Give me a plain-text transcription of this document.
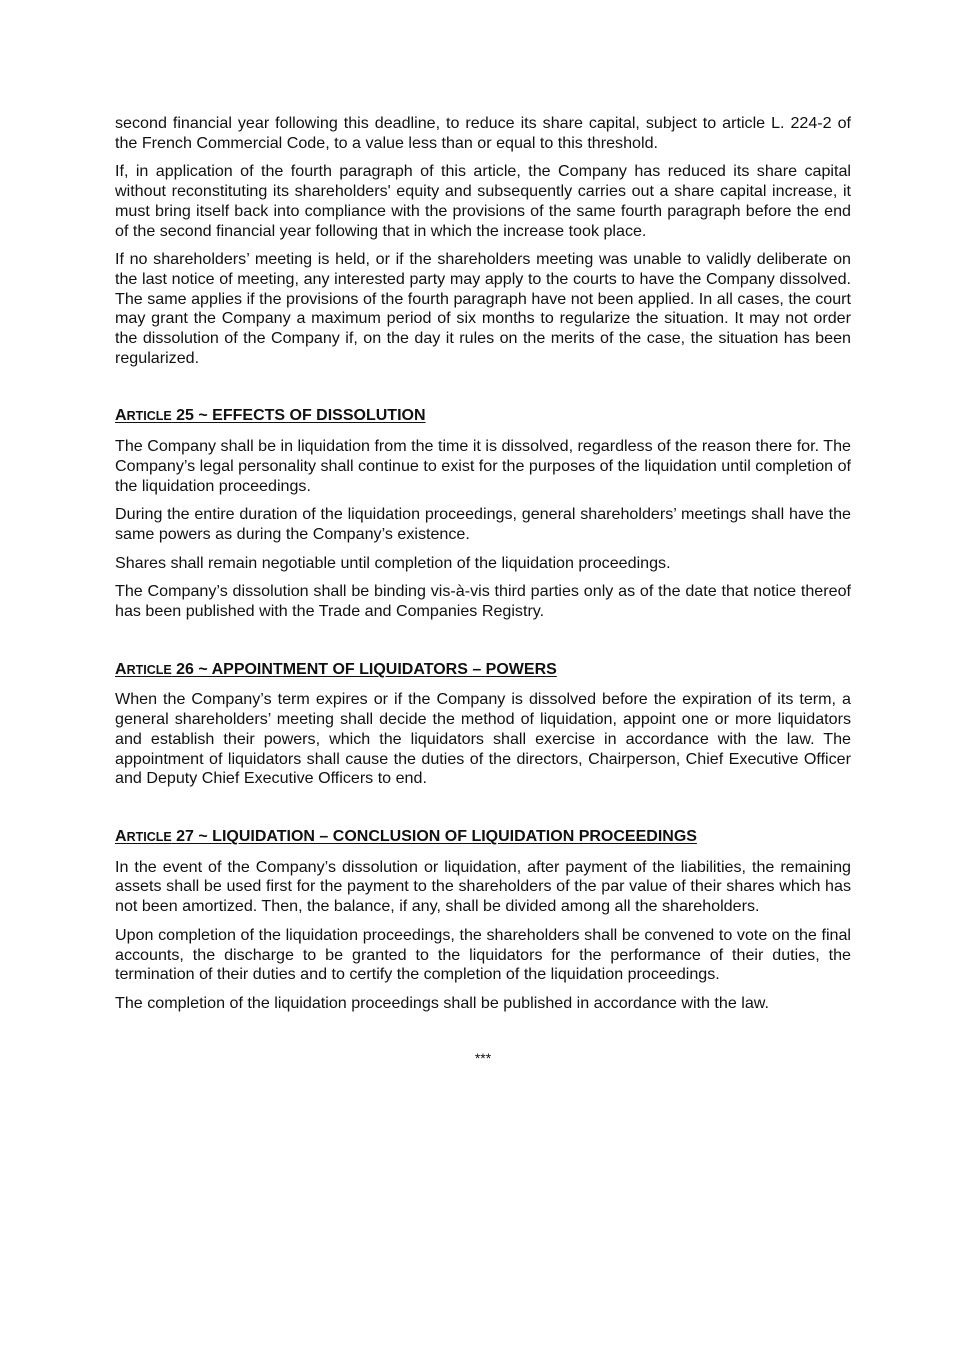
second financial year following this deadline, to reduce its share capital, subject to article L. 224-2 of the French Commercial Code, to a value less than or equal to this threshold.

If, in application of the fourth paragraph of this article, the Company has reduced its share capital without reconstituting its shareholders' equity and subsequently carries out a share capital increase, it must bring itself back into compliance with the provisions of the same fourth paragraph before the end of the second financial year following that in which the increase took place.

If no shareholders’ meeting is held, or if the shareholders meeting was unable to validly deliberate on the last notice of meeting, any interested party may apply to the courts to have the Company dissolved. The same applies if the provisions of the fourth paragraph have not been applied. In all cases, the court may grant the Company a maximum period of six months to regularize the situation. It may not order the dissolution of the Company if, on the day it rules on the merits of the case, the situation has been regularized.

ARTICLE 25 ~ EFFECTS OF DISSOLUTION

The Company shall be in liquidation from the time it is dissolved, regardless of the reason there for. The Company’s legal personality shall continue to exist for the purposes of the liquidation until completion of the liquidation proceedings.

During the entire duration of the liquidation proceedings, general shareholders’ meetings shall have the same powers as during the Company’s existence.

Shares shall remain negotiable until completion of the liquidation proceedings.

The Company’s dissolution shall be binding vis-à-vis third parties only as of the date that notice thereof has been published with the Trade and Companies Registry.

ARTICLE 26 ~ APPOINTMENT OF LIQUIDATORS – POWERS

When the Company’s term expires or if the Company is dissolved before the expiration of its term, a general shareholders’ meeting shall decide the method of liquidation, appoint one or more liquidators and establish their powers, which the liquidators shall exercise in accordance with the law. The appointment of liquidators shall cause the duties of the directors, Chairperson, Chief Executive Officer and Deputy Chief Executive Officers to end.

ARTICLE 27 ~ LIQUIDATION – CONCLUSION OF LIQUIDATION PROCEEDINGS

In the event of the Company’s dissolution or liquidation, after payment of the liabilities, the remaining assets shall be used first for the payment to the shareholders of the par value of their shares which has not been amortized. Then, the balance, if any, shall be divided among all the shareholders.

Upon completion of the liquidation proceedings, the shareholders shall be convened to vote on the final accounts, the discharge to be granted to the liquidators for the performance of their duties, the termination of their duties and to certify the completion of the liquidation proceedings.

The completion of the liquidation proceedings shall be published in accordance with the law.

***
